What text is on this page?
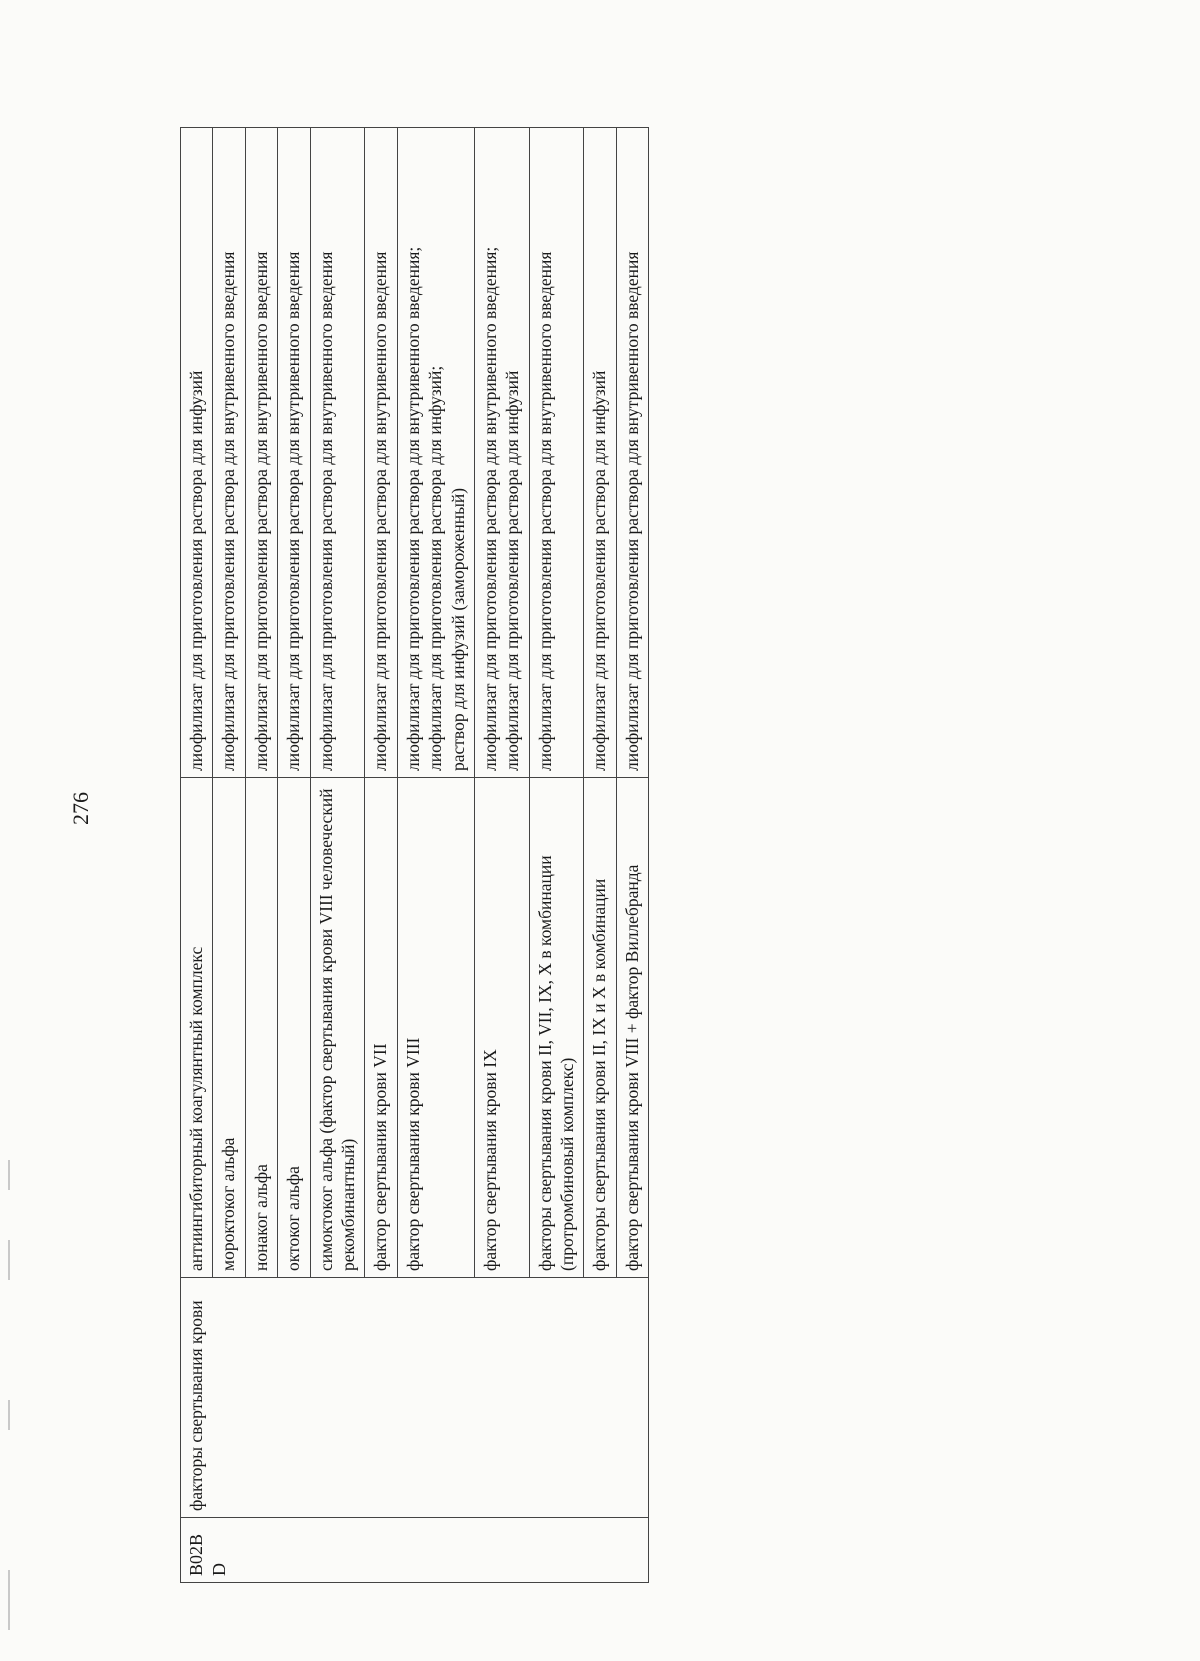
276
B02BD	факторы свертывания крови	антиингибиторный коагулянтный комплекс	лиофилизат для приготовления раствора для инфузий

		мороктоког альфа	лиофилизат для приготовления раствора для внутривенного введения

		нонаког альфа	лиофилизат для приготовления раствора для внутривенного введения

		октоког альфа	лиофилизат для приготовления раствора для внутривенного введения

		симоктоког альфа (фактор свертывания крови VIII человеческий рекомбинантный)	лиофилизат для приготовления раствора для внутривенного введения

		фактор свертывания крови VII	лиофилизат для приготовления раствора для внутривенного введения

		фактор свертывания крови VIII	лиофилизат для приготовления раствора для внутривенного введения; лиофилизат для приготовления раствора для инфузий; раствор для инфузий (замороженный)

		фактор свертывания крови IX	лиофилизат для приготовления раствора для внутривенного введения; лиофилизат для приготовления раствора для инфузий

		факторы свертывания крови II, VII, IX, X в комбинации (протромбиновый комплекс)	лиофилизат для приготовления раствора для внутривенного введения

		факторы свертывания крови II, IX и X в комбинации	лиофилизат для приготовления раствора для инфузий

		фактор свертывания крови VIII + фактор Виллебранда	лиофилизат для приготовления раствора для внутривенного введения
